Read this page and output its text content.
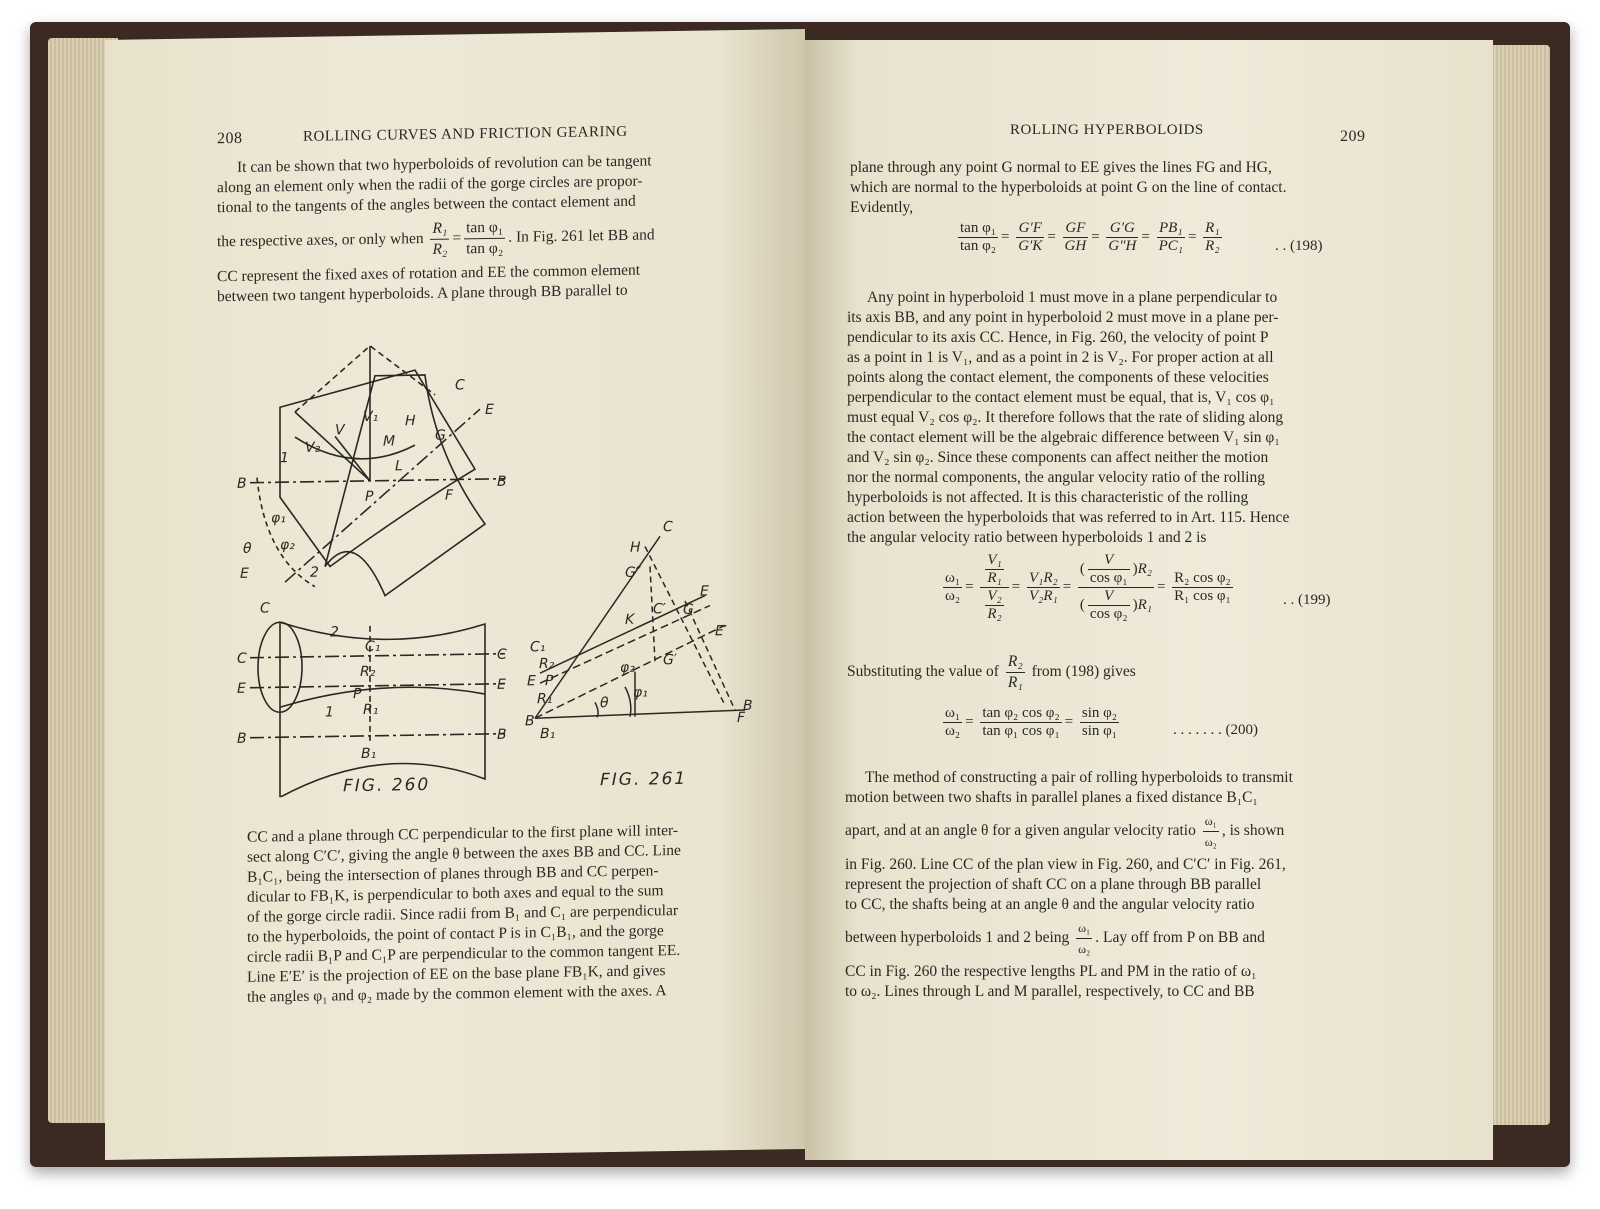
208	ROLLING CURVES AND FRICTION GEARING

It can be shown that two hyperboloids of revolution can be tangent

along an element only when the radii of the gorge circles are propor-

tional to the tangents of the angles between the contact element and

the respective axes, or only when $\frac{\text{R₁}}{\text{R₂}} = \frac{\text{tan φ₁}}{\text{tan φ₂}}$ . In Fig. 261 let BB and

CC represent the fixed axes of rotation and EE the common element

between two tangent hyperboloids. A plane through BB parallel to

B	B
C
E
F
G
H
L
M
P
V
V₁
V₂
φ₁
φ₂
θ
E
1
2
C
C	C
2
C₁
R₂
E	E
P
1 R₁
B	B
B₁
C
H
G″
E
K
C′ G
E′
G′
C₁
R₂
E P
φ₂
R₁	φ₁
θ
B
B₁
F
B
FIG. 260	FIG. 261

CC and a plane through CC perpendicular to the first plane will inter-

sect along C′C′, giving the angle θ between the axes BB and CC. Line

B₁C₁, being the intersection of planes through BB and CC perpen-

dicular to FB₁K, is perpendicular to both axes and equal to the sum

of the gorge circle radii. Since radii from B₁ and C₁ are perpendicular

to the hyperboloids, the point of contact P is in C₁B₁, and the gorge

circle radii B₁P and C₁P are perpendicular to the common tangent EE.

Line E′E′ is the projection of EE on the base plane FB₁K, and gives

the angles φ₁ and φ₂ made by the common element with the axes. A

ROLLING HYPERBOLOIDS	209

plane through any point G normal to EE gives the lines FG and HG,

which are normal to the hyperboloids at point G on the line of contact.

Evidently,

$\frac{\text{tan φ₁}}{\text{tan φ₂}} = \frac{G'F}{G'K} = \frac{GF}{GH} = \frac{G'G}{G''H} = \frac{\text{PB₁}}{\text{PC₁}} = \frac{\text{R₁}}{\text{R₂}}$	. . (198)

Any point in hyperboloid 1 must move in a plane perpendicular to

its axis BB, and any point in hyperboloid 2 must move in a plane per-

pendicular to its axis CC. Hence, in Fig. 260, the velocity of point P

as a point in 1 is V₁, and as a point in 2 is V₂. For proper action at all

points along the contact element, the components of these velocities

perpendicular to the contact element must be equal, that is, V₁ cos φ₁

must equal V₂ cos φ₂. It therefore follows that the rate of sliding along

the contact element will be the algebraic difference between V₁ sin φ₁

and V₂ sin φ₂. Since these components can affect neither the motion

nor the normal components, the angular velocity ratio of the rolling

hyperboloids is not affected. It is this characteristic of the rolling

action between the hyperboloids that was referred to in Art. 115. Hence

the angular velocity ratio between hyperboloids 1 and 2 is

$\frac{\text{ω₁}}{\text{ω₂}} = \frac{\frac{\text{V₁}}{\text{R₁}}}{\frac{\text{V₂}}{\text{R₂}}} = \frac{\text{V₁R₂}}{\text{V₂R₁}} = \frac{( \frac{V}{\text{cos φ₁}} )R_2}{( \frac{V}{\text{cos φ₂}} )R_1} = \frac{\text{R₂ cos φ₂}}{\text{R₁ cos φ₁}}$	. . (199)
Substituting the value of $\frac{\text{R₂}}{\text{R₁}}$ from (198) gives
$\frac{\text{ω₁}}{\text{ω₂}} = \frac{\text{tan φ₂ cos φ₂}}{\text{tan φ₁ cos φ₁}} = \frac{\text{sin φ₂}}{\text{sin φ₁}}$	. . . . . . . (200)

The method of constructing a pair of rolling hyperboloids to transmit

motion between two shafts in parallel planes a fixed distance B₁C₁

apart, and at an angle θ for a given angular velocity ratio $\frac{\text{ω₁}}{\text{ω₂}}$ , is shown

in Fig. 260. Line CC of the plan view in Fig. 260, and C′C′ in Fig. 261,

represent the projection of shaft CC on a plane through BB parallel

to CC, the shafts being at an angle θ and the angular velocity ratio

between hyperboloids 1 and 2 being $\frac{\text{ω₁}}{\text{ω₂}}$ . Lay off from P on BB and

CC in Fig. 260 the respective lengths PL and PM in the ratio of ω₁

to ω₂. Lines through L and M parallel, respectively, to CC and BB
